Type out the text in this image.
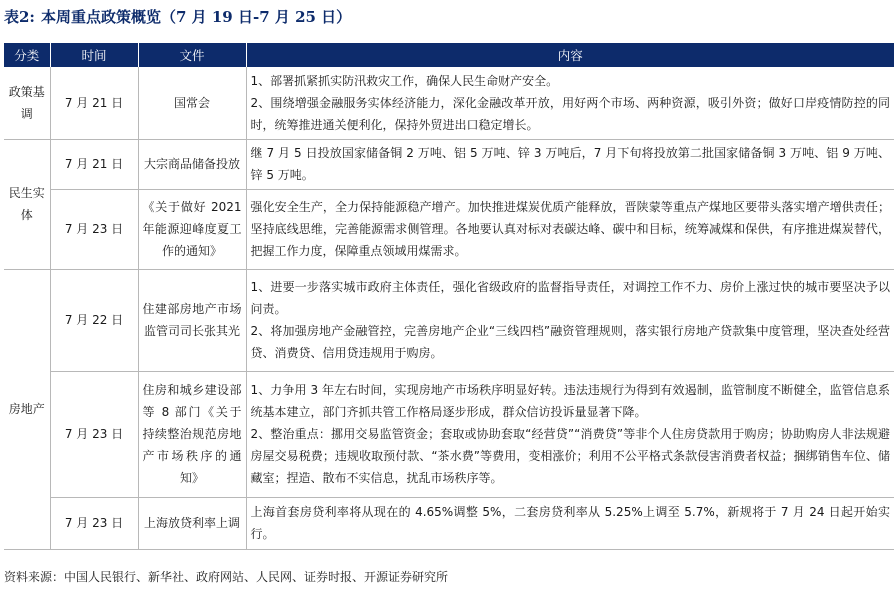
表2: 本周重点政策概览（7 月 19 日-7 月 25 日）
分类	时间	文件	内容
政策基调	7 月 21 日	国常会	1、部署抓紧抓实防汛救灾工作，确保人民生命财产安全。

2、围绕增强金融服务实体经济能力，深化金融改革开放，用好两个市场、两种资源，吸引外资；做好口岸疫情防控的同时，统筹推进通关便利化，保持外贸进出口稳定增长。

民生实体	7 月 21 日	大宗商品储备投放	继 7 月 5 日投放国家储备铜 2 万吨、铝 5 万吨、锌 3 万吨后，7 月下旬将投放第二批国家储备铜 3 万吨、铝 9 万吨、锌 5 万吨。

	7 月 23 日	《关于做好 2021 年能源迎峰度夏工作的通知》	强化安全生产，全力保持能源稳产增产。加快推进煤炭优质产能释放，晋陕蒙等重点产煤地区要带头落实增产增供责任；坚持底线思维，完善能源需求侧管理。各地要认真对标对表碳达峰、碳中和目标，统筹减煤和保供，有序推进煤炭替代，把握工作力度，保障重点领域用煤需求。

房地产	7 月 22 日	住建部房地产市场监管司司长张其光	1、进要一步落实城市政府主体责任，强化省级政府的监督指导责任，对调控工作不力、房价上涨过快的城市要坚决予以问责。

2、将加强房地产金融管控，完善房地产企业“三线四档”融资管理规则，落实银行房地产贷款集中度管理，坚决查处经营贷、消费贷、信用贷违规用于购房。

	7 月 23 日	住房和城乡建设部等 8 部门《关于持续整治规范房地产市场秩序的通知》	1、力争用 3 年左右时间，实现房地产市场秩序明显好转。违法违规行为得到有效遏制，监管制度不断健全，监管信息系统基本建立，部门齐抓共管工作格局逐步形成，群众信访投诉量显著下降。

2、整治重点：挪用交易监管资金；套取或协助套取“经营贷”“消费贷”等非个人住房贷款用于购房；协助购房人非法规避房屋交易税费；违规收取预付款、“茶水费”等费用，变相涨价；利用不公平格式条款侵害消费者权益；捆绑销售车位、储藏室；捏造、散布不实信息，扰乱市场秩序等。

	7 月 23 日	上海放贷利率上调	上海首套房贷利率将从现在的 4.65%调整 5%，二套房贷利率从 5.25%上调至 5.7%，新规将于 7 月 24 日起开始实行。

资料来源：中国人民银行、新华社、政府网站、人民网、证券时报、开源证券研究所
